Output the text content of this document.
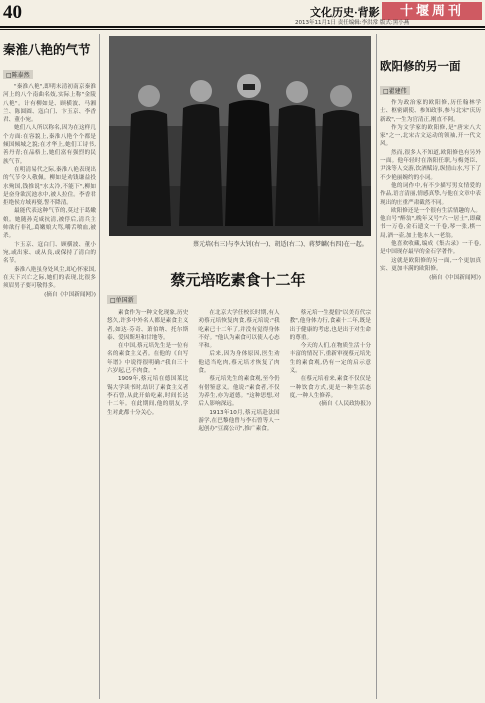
40	文化历史·背影	十堰周刊
2013年11月1日 责任编辑:李洪常 版式:黑小燕
秦淮八艳的气节
□陈泰然

"秦淮八艳",即明末清初南京秦淮河上的八个南曲名妓,实际上称"金陵八艳"。计有柳如是、顾横波、马湘兰、陈圆圆、寇白门、卞玉京、李香君、董小宛。

她们八人所以称名,因为在这样几个方面:在容貌上,秦淮八艳个个都是倾国倾城之貌;在才华上,她们工诗书,善丹青;在品格上,她们富有强烈的民族气节。

在明清易代之际,秦淮八艳表现出的气节令人敬佩。柳如是劝钱谦益投水殉国,钱推说"水太冷,不能下",柳如是奋身欲沉池水中,被人拉住。李香君拒绝侯方域再娶,誓不降清。

最能代表这种气节的,莫过于葛嫩娘。她随孙克咸抗清,被俘后,清兵主帅欲行非礼,葛嫩娘大骂,嚼舌喷血,被杀。

卞玉京、寇白门、顾横波、董小宛,或出家、或从良,或保持了清白的名节。

秦淮八艳虽身处风尘,却心怀家国,在天下兴亡之际,她们的表现,比很多须眉男子要可敬得多。

(摘自《中国新闻网》)
蔡元培(右三)与李大钊(右一)、胡适(右二)、蒋梦麟(右四)在一起。
蔡元培吃素食十二年
□单国新

素食作为一种文化现象,历史悠久,许多中外名人都是素食主义者,如达·芬奇、萧伯纳、托尔斯泰、爱因斯坦和甘地等。

在中国,蔡元培先生是一位有名的素食主义者。在他的《自写年谱》中说得很明确:"我自三十六岁起,已不肉食。"

1909年,蔡元培在德国莱比锡大学读书时,结识了素食主义者李石曾,从此开始吃素,时间长达十二年。在此期间,他的朋友,学生对此都十分关心。

在北京大学任校长时期,有人劝蔡元培恢复肉食,蔡元培说:"我吃素已十二年了,并没有觉得身体不好。"他认为素食可以使人心态平和。

后来,因为身体原因,医生劝他适当吃肉,蔡元培才恢复了肉食。

蔡元培先生的素食观,至今仍有借鉴意义。他说:"素食者,不仅为养生,亦为道德。"这种思想,对后人影响深远。

1913年10月,蔡元培赴法国游学,在巴黎他曾与李石曾等人一起创办"豆腐公司",推广素食。

蔡元培一生提倡"以美育代宗教",他身体力行,食素十二年,既是出于健康的考虑,也是出于对生命的尊重。

今天的人们,在物质生活十分丰富的情况下,重新审视蔡元培先生的素食观,仍有一定的启示意义。

在蔡元培看来,素食不仅仅是一种饮食方式,更是一种生活态度,一种人生修养。

(摘自《人民政协报》)

欧阳修的另一面
□翟建伟

作为政治家的欧阳修,历任翰林学士、枢密副使、参知政事,参与北宋"庆历新政",一生为官清正,刚直不阿。

作为文学家的欧阳修,是"唐宋八大家"之一,北宋古文运动的领袖,开一代文风。

然而,很多人不知道,欧阳修也有另外一面。他年轻时在洛阳任职,与梅尧臣、尹洙等人交游,饮酒赋诗,纵情山水,写下了不少艳丽婉约的小词。

他的词作中,有不少描写男女情爱的作品,语言清丽,情感真挚,与他在文章中表现出的庄重严肃截然不同。

欧阳修还是一个很有生活情趣的人。他自号"醉翁",晚年又号"六一居士",即藏书一万卷,金石遗文一千卷,琴一张,棋一局,酒一壶,加上他本人一老翁。

他喜欢收藏,编成《集古录》一千卷,是中国现存最早的金石学著作。

这就是欧阳修的另一面,一个更加真实、更加丰满的欧阳修。

(摘自《中国新闻网》)
